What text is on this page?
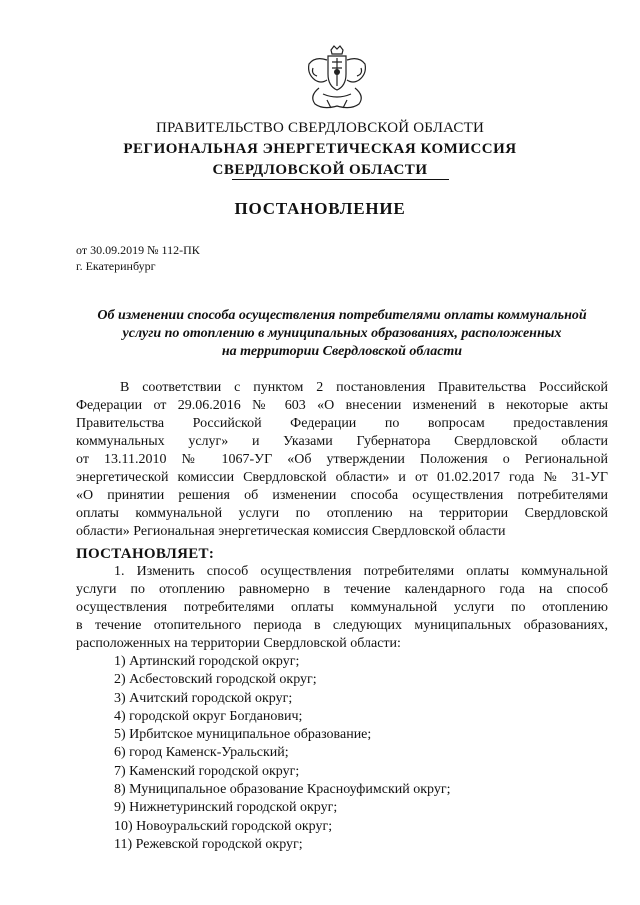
ПРАВИТЕЛЬСТВО СВЕРДЛОВСКОЙ ОБЛАСТИ
РЕГИОНАЛЬНАЯ ЭНЕРГЕТИЧЕСКАЯ КОМИССИЯ
СВЕРДЛОВСКОЙ ОБЛАСТИ
ПОСТАНОВЛЕНИЕ
от 30.09.2019 № 112-ПК
г. Екатеринбург
Об изменении способа осуществления потребителями оплаты коммунальной
услуги по отоплению в муниципальных образованиях, расположенных
на территории Свердловской области
В соответствии с пунктом 2 постановления Правительства Российской
Федерации от 29.06.2016 № 603 «О внесении изменений в некоторые акты
Правительства Российской Федерации по вопросам предоставления
коммунальных услуг» и Указами Губернатора Свердловской области
от 13.11.2010 № 1067-УГ «Об утверждении Положения о Региональной
энергетической комиссии Свердловской области» и от 01.02.2017 года № 31-УГ
«О принятии решения об изменении способа осуществления потребителями
оплаты коммунальной услуги по отоплению на территории Свердловской
области» Региональная энергетическая комиссия Свердловской области
ПОСТАНОВЛЯЕТ:
1. Изменить способ осуществления потребителями оплаты коммунальной
услуги по отоплению равномерно в течение календарного года на способ
осуществления потребителями оплаты коммунальной услуги по отоплению
в течение отопительного периода в следующих муниципальных образованиях,
расположенных на территории Свердловской области:
1) Артинский городской округ;
2) Асбестовский городской округ;
3) Ачитский городской округ;
4) городской округ Богданович;
5) Ирбитское муниципальное образование;
6) город Каменск-Уральский;
7) Каменский городской округ;
8) Муниципальное образование Красноуфимский округ;
9) Нижнетуринский городской округ;
10) Новоуральский городской округ;
11) Режевской городской округ;
